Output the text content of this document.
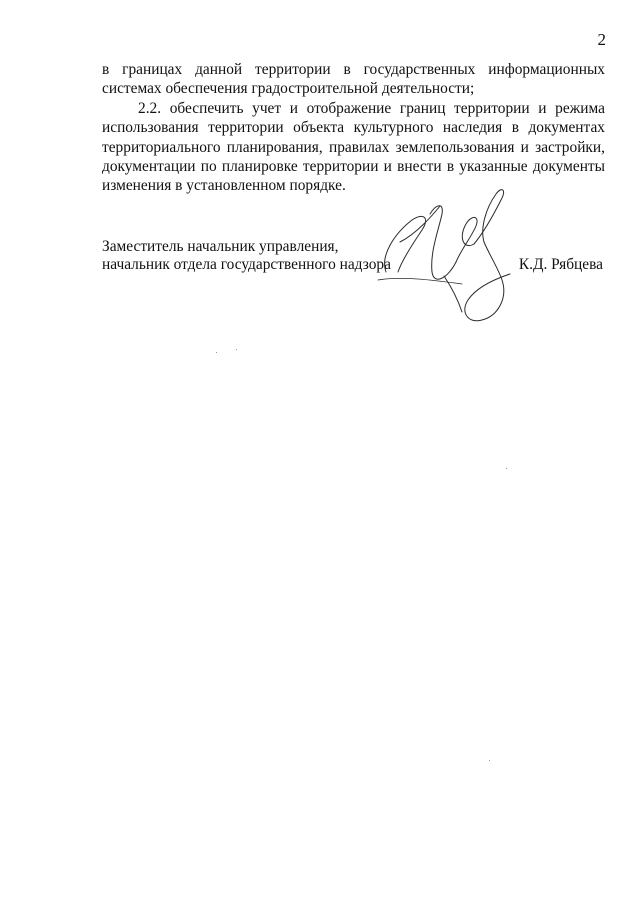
2

в границах данной территории в государственных информационных системах обеспечения градостроительной деятельности;

2.2. обеспечить учет и отображение границ территории и режима использования территории объекта культурного наследия в документах территориального планирования, правилах землепользования и застройки, документации по планировке территории и внести в указанные документы изменения в установленном порядке.

Заместитель начальник управления,
начальник отдела государственного надзора	К.Д. Рябцева
